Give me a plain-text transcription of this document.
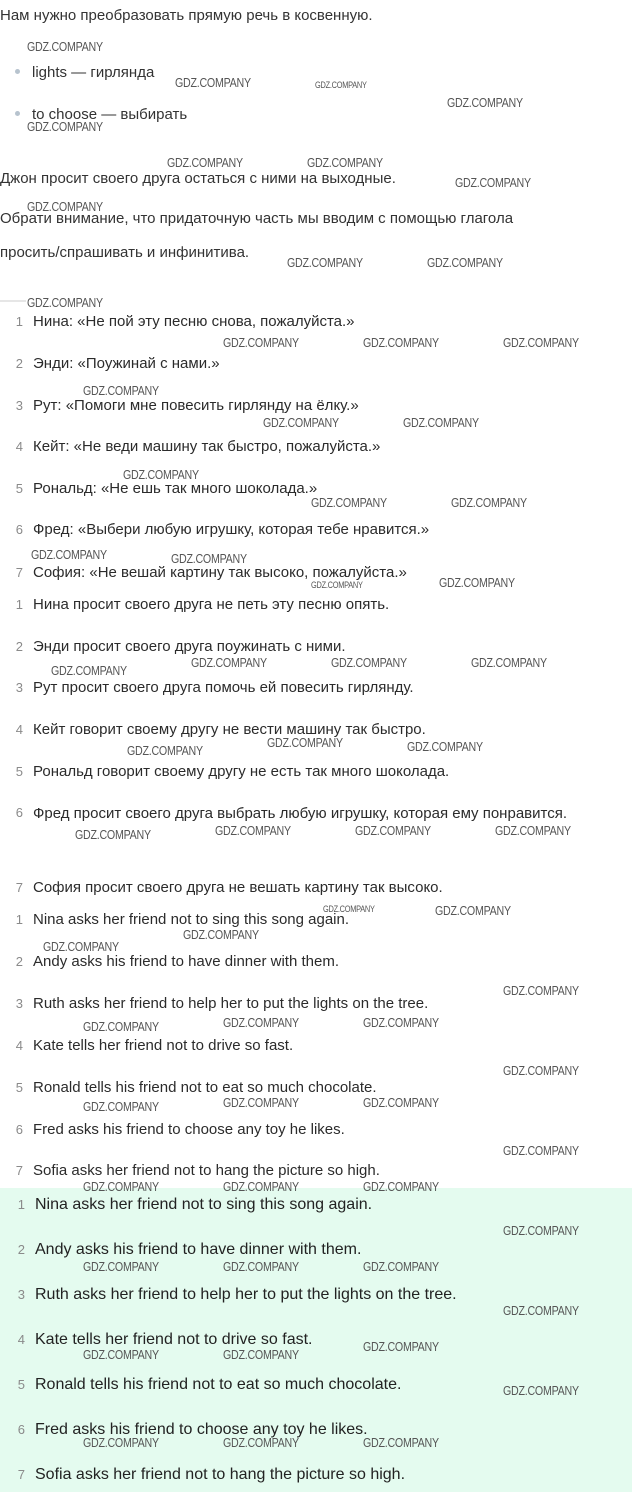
Нам нужно преобразовать прямую речь в косвенную.
lights — гирлянда
to choose — выбирать
Джон просит своего друга остаться с ними на выходные.
Обрати внимание, что придаточную часть мы вводим с помощью глагола
просить/спрашивать и инфинитива.
1 Нина: «Не пой эту песню снова, пожалуйста.»
2 Энди: «Поужинай с нами.»
3 Рут: «Помоги мне повесить гирлянду на ёлку.»
4 Кейт: «Не веди машину так быстро, пожалуйста.»
5 Рональд: «Не ешь так много шоколада.»
6 Фред: «Выбери любую игрушку, которая тебе нравится.»
7 София: «Не вешай картину так высоко, пожалуйста.»
1 Нина просит своего друга не петь эту песню опять.
2 Энди просит своего друга поужинать с ними.
3 Рут просит своего друга помочь ей повесить гирлянду.
4 Кейт говорит своему другу не вести машину так быстро.
5 Рональд говорит своему другу не есть так много шоколада.
6 Фред просит своего друга выбрать любую игрушку, которая ему понравится.
7 София просит своего друга не вешать картину так высоко.
1 Nina asks her friend not to sing this song again.
2 Andy asks his friend to have dinner with them.
3 Ruth asks her friend to help her to put the lights on the tree.
4 Kate tells her friend not to drive so fast.
5 Ronald tells his friend not to eat so much chocolate.
6 Fred asks his friend to choose any toy he likes.
7 Sofia asks her friend not to hang the picture so high.
1 Nina asks her friend not to sing this song again.
2 Andy asks his friend to have dinner with them.
3 Ruth asks her friend to help her to put the lights on the tree.
4 Kate tells her friend not to drive so fast.
5 Ronald tells his friend not to eat so much chocolate.
6 Fred asks his friend to choose any toy he likes.
7 Sofia asks her friend not to hang the picture so high.
GDZ.COMPANY
GDZ.COMPANY	GDZ.COMPANY
GDZ.COMPANY
GDZ.COMPANY
GDZ.COMPANY	GDZ.COMPANY
GDZ.COMPANY
GDZ.COMPANY
GDZ.COMPANY	GDZ.COMPANY
GDZ.COMPANY
GDZ.COMPANY	GDZ.COMPANY	GDZ.COMPANY
GDZ.COMPANY
GDZ.COMPANY	GDZ.COMPANY
GDZ.COMPANY
GDZ.COMPANY	GDZ.COMPANY
GDZ.COMPANY	GDZ.COMPANY
GDZ.COMPANY	GDZ.COMPANY
GDZ.COMPANY
GDZ.COMPANY	GDZ.COMPANY	GDZ.COMPANY
GDZ.COMPANY
GDZ.COMPANY	GDZ.COMPANY
GDZ.COMPANY	GDZ.COMPANY	GDZ.COMPANY	GDZ.COMPANY
GDZ.COMPANY	GDZ.COMPANY
GDZ.COMPANY
GDZ.COMPANY
GDZ.COMPANY
GDZ.COMPANY	GDZ.COMPANY	GDZ.COMPANY
GDZ.COMPANY
GDZ.COMPANY	GDZ.COMPANY	GDZ.COMPANY
GDZ.COMPANY
GDZ.COMPANY	GDZ.COMPANY	GDZ.COMPANY
GDZ.COMPANY
GDZ.COMPANY	GDZ.COMPANY	GDZ.COMPANY
GDZ.COMPANY
GDZ.COMPANY
GDZ.COMPANY	GDZ.COMPANY
GDZ.COMPANY
GDZ.COMPANY	GDZ.COMPANY	GDZ.COMPANY
